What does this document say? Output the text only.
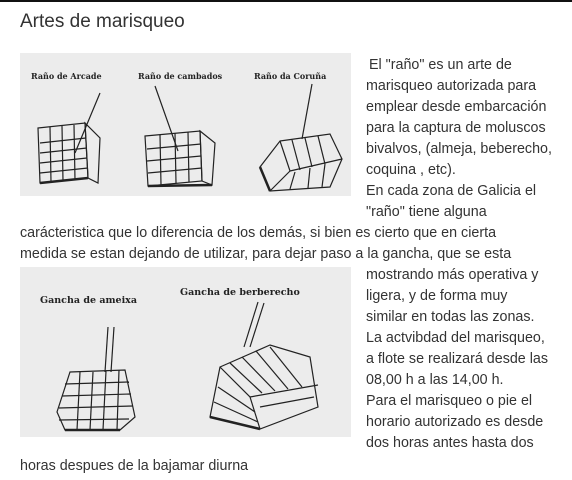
Artes de marisqueo
Raño de Arcade	Raño de cambados	Raño da Coruña
El "raño" es un arte de
marisqueo autorizada para
emplear desde embarcación
para la captura de moluscos
bivalvos, (almeja, beberecho,
coquina , etc).
En cada zona de Galicia el
"raño" tiene alguna
carácteristica que lo diferencia de los demás, si bien es cierto que en cierta
medida se estan dejando de utilizar, para dejar paso a la gancha, que se esta
mostrando más operativa y
ligera, y de forma muy
similar en todas las zonas.
La actvibdad del marisqueo,
a flote se realizará desde las
08,00 h a las 14,00 h.
Para el marisqueo o pie el
horario autorizado es desde
dos horas antes hasta dos
horas despues de la bajamar diurna
Gancha de ameixa
Gancha de berberecho
